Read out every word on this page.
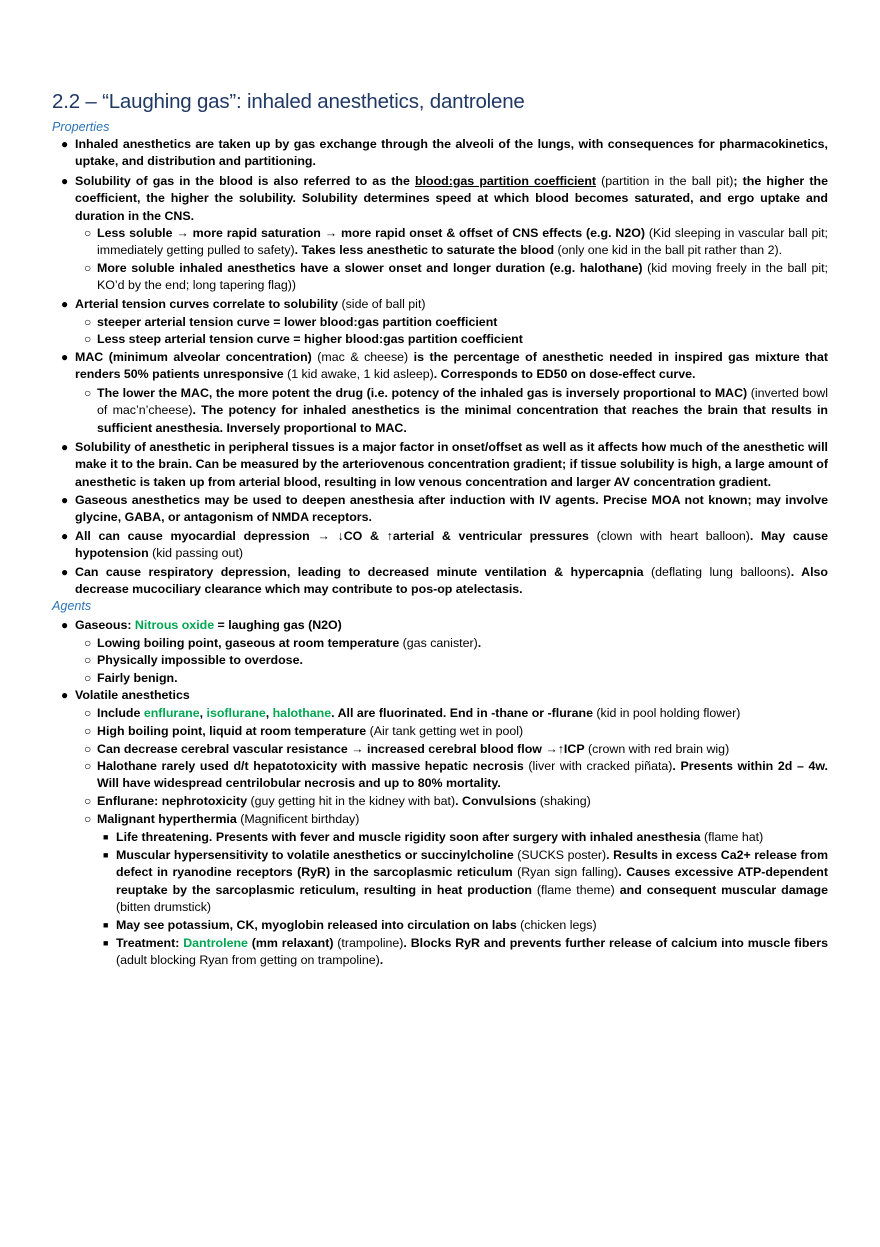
2.2 – “Laughing gas”: inhaled anesthetics, dantrolene
Properties
● Inhaled anesthetics are taken up by gas exchange through the alveoli of the lungs, with consequences for pharmacokinetics, uptake, and distribution and partitioning.

● Solubility of gas in the blood is also referred to as the blood:gas partition coefficient (partition in the ball pit); the higher the coefficient, the higher the solubility. Solubility determines speed at which blood becomes saturated, and ergo uptake and duration in the CNS.

○ Less soluble → more rapid saturation → more rapid onset & offset of CNS effects (e.g. N2O) (Kid sleeping in vascular ball pit; immediately getting pulled to safety). Takes less anesthetic to saturate the blood (only one kid in the ball pit rather than 2).

○ More soluble inhaled anesthetics have a slower onset and longer duration (e.g. halothane) (kid moving freely in the ball pit; KO’d by the end; long tapering flag))

● Arterial tension curves correlate to solubility (side of ball pit)

○ steeper arterial tension curve = lower blood:gas partition coefficient

○ Less steep arterial tension curve = higher blood:gas partition coefficient

● MAC (minimum alveolar concentration) (mac & cheese) is the percentage of anesthetic needed in inspired gas mixture that renders 50% patients unresponsive (1 kid awake, 1 kid asleep). Corresponds to ED50 on dose-effect curve.

○ The lower the MAC, the more potent the drug (i.e. potency of the inhaled gas is inversely proportional to MAC) (inverted bowl of mac’n’cheese). The potency for inhaled anesthetics is the minimal concentration that reaches the brain that results in sufficient anesthesia. Inversely proportional to MAC.

● Solubility of anesthetic in peripheral tissues is a major factor in onset/offset as well as it affects how much of the anesthetic will make it to the brain. Can be measured by the arteriovenous concentration gradient; if tissue solubility is high, a large amount of anesthetic is taken up from arterial blood, resulting in low venous concentration and larger AV concentration gradient.

● Gaseous anesthetics may be used to deepen anesthesia after induction with IV agents. Precise MOA not known; may involve glycine, GABA, or antagonism of NMDA receptors.

● All can cause myocardial depression → ↓CO & ↑arterial & ventricular pressures (clown with heart balloon). May cause hypotension (kid passing out)

● Can cause respiratory depression, leading to decreased minute ventilation & hypercapnia (deflating lung balloons). Also decrease mucociliary clearance which may contribute to pos-op atelectasis.

Agents
● Gaseous: Nitrous oxide = laughing gas (N2O)

○ Lowing boiling point, gaseous at room temperature (gas canister).

○ Physically impossible to overdose.

○ Fairly benign.

● Volatile anesthetics

○ Include enflurane, isoflurane, halothane. All are fluorinated. End in -thane or -flurane (kid in pool holding flower)

○ High boiling point, liquid at room temperature (Air tank getting wet in pool)

○ Can decrease cerebral vascular resistance → increased cerebral blood flow →↑ICP (crown with red brain wig)

○ Halothane rarely used d/t hepatotoxicity with massive hepatic necrosis (liver with cracked piñata). Presents within 2d – 4w. Will have widespread centrilobular necrosis and up to 80% mortality.

○ Enflurane: nephrotoxicity (guy getting hit in the kidney with bat). Convulsions (shaking)

○ Malignant hyperthermia (Magnificent birthday)

■ Life threatening. Presents with fever and muscle rigidity soon after surgery with inhaled anesthesia (flame hat)

■ Muscular hypersensitivity to volatile anesthetics or succinylcholine (SUCKS poster). Results in excess Ca2+ release from defect in ryanodine receptors (RyR) in the sarcoplasmic reticulum (Ryan sign falling). Causes excessive ATP-dependent reuptake by the sarcoplasmic reticulum, resulting in heat production (flame theme) and consequent muscular damage (bitten drumstick)

■ May see potassium, CK, myoglobin released into circulation on labs (chicken legs)

■ Treatment: Dantrolene (mm relaxant) (trampoline). Blocks RyR and prevents further release of calcium into muscle fibers (adult blocking Ryan from getting on trampoline).
